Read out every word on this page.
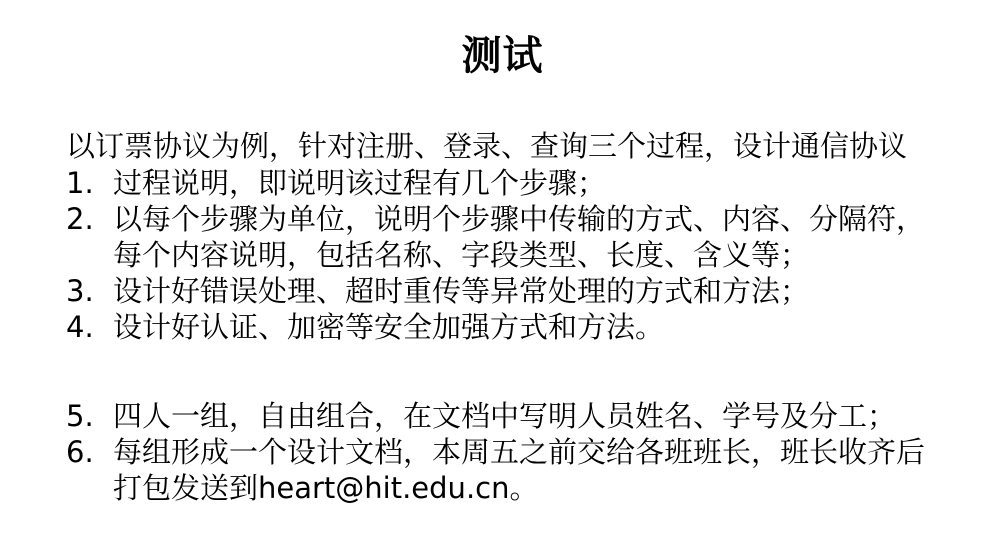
测试
以订票协议为例，针对注册、登录、查询三个过程，设计通信协议
1. 过程说明，即说明该过程有几个步骤；
2. 以每个步骤为单位，说明个步骤中传输的方式、内容、分隔符，
每个内容说明，包括名称、字段类型、长度、含义等；
3. 设计好错误处理、超时重传等异常处理的方式和方法；
4. 设计好认证、加密等安全加强方式和方法。
5. 四人一组，自由组合，在文档中写明人员姓名、学号及分工；
6. 每组形成一个设计文档，本周五之前交给各班班长，班长收齐后
打包发送到heart@hit.edu.cn。
